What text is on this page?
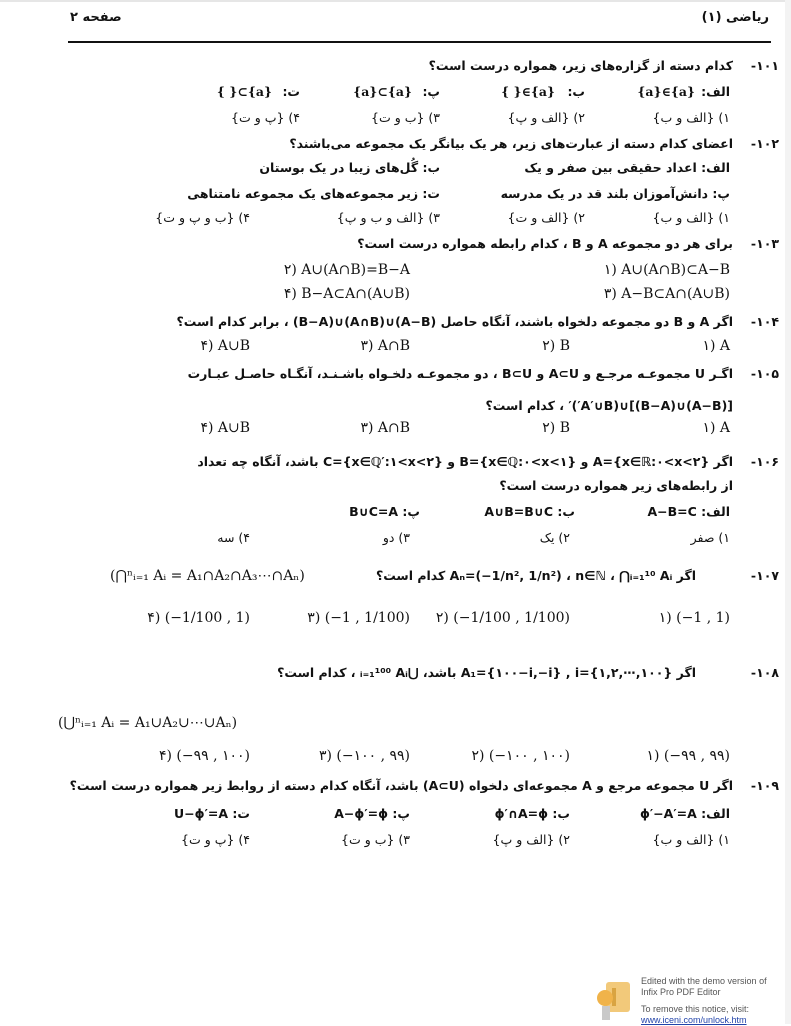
ریاضی (۱)
صفحه ۲
-۱۰۱
کدام دسته از گزاره‌های زیر، همواره درست است؟
الف:
{a}∈{a}
ب:
{ }∈{a}
پ:
{a}⊂{a}
ت:
{ }⊂{a}
۱) {الف و ب}
۲) {الف و پ}
۳) {ب و ت}
۴) {پ و ت}
-۱۰۲
اعضای کدام دسته از عبارت‌های زیر، هر یک بیانگر یک مجموعه می‌باشند؟
الف: اعداد حقیقی بین صفر و یک
ب: گُل‌های زیبا در یک بوستان
پ: دانش‌آموزان بلند قد در یک مدرسه
ت: زیر مجموعه‌های یک مجموعه نامتناهی
۱) {الف و ب}
۲) {الف و ت}
۳) {الف و ب و پ}
۴) {ب و پ و ت}
-۱۰۳
برای هر دو مجموعه A و B ، کدام رابطه همواره درست است؟
۱) A∪(A∩B)⊂A−B
۲) A∪(A∩B)=B−A
۳) A−B⊂A∩(A∪B)
۴) B−A⊂A∩(A∪B)
-۱۰۴
اگر A و B دو مجموعه دلخواه باشند، آنگاه حاصل (A−B)∪(A∩B)∪(B−A) ، برابر کدام است؟
۱) A
۲) B
۳) A∩B
۴) A∪B
-۱۰۵
اگـر U مجموعـه مرجـع و A⊂U و B⊂U ، دو مجموعـه دلخـواه باشـنـد، آنگـاه حاصـل عبـارت
[(A−B)∪(B−A)]∪(A′∪B′)′ ، کدام است؟
۱) A
۲) B
۳) A∩B
۴) A∪B
-۱۰۶
اگر A={x∈ℝ:۰<x<۲} و B={x∈ℚ:۰<x<۱} و C={x∈ℚ′:۱<x<۲} باشد، آنگاه چه تعداد
از رابطه‌های زیر همواره درست است؟
الف: A−B=C
ب: A∪B=B∪C
پ: B∪C=A
۱) صفر
۲) یک
۳) دو
۴) سه
-۱۰۷
اگر Aₙ=(−1/n², 1/n²) ، n∈ℕ ، ⋂ᵢ₌₁¹⁰ Aᵢ کدام است؟
(⋂ⁿᵢ₌₁ Aᵢ = A₁∩A₂∩A₃⋯∩Aₙ)
۱) (−1 , 1)
۲) (−1/100 , 1/100)
۳) (−1 , 1/100)
۴) (−1/100 , 1)
-۱۰۸
اگر A₁={۱۰۰−i,−i} , i={۱,۲,⋯,۱۰۰} باشد، ⋃ᵢ₌₁¹⁰⁰ Aᵢ ، کدام است؟
(⋃ⁿᵢ₌₁ Aᵢ = A₁∪A₂∪⋯∪Aₙ)
۱) (−۹۹ , ۹۹)
۲) (−۱۰۰ , ۱۰۰)
۳) (−۱۰۰ , ۹۹)
۴) (−۹۹ , ۱۰۰)
-۱۰۹
اگر U مجموعه مرجع و A مجموعه‌ای دلخواه (A⊂U) باشد، آنگاه کدام دسته از روابط زیر همواره درست است؟
الف: ϕ′−A′=A
ب: ϕ′∩A=ϕ
پ: A−ϕ′=ϕ
ت: U−ϕ′=A
۱) {الف و ب}
۲) {الف و پ}
۳) {ب و ت}
۴) {پ و ت}
Edited with the demo version of
Infix Pro PDF Editor
To remove this notice, visit:
www.iceni.com/unlock.htm
